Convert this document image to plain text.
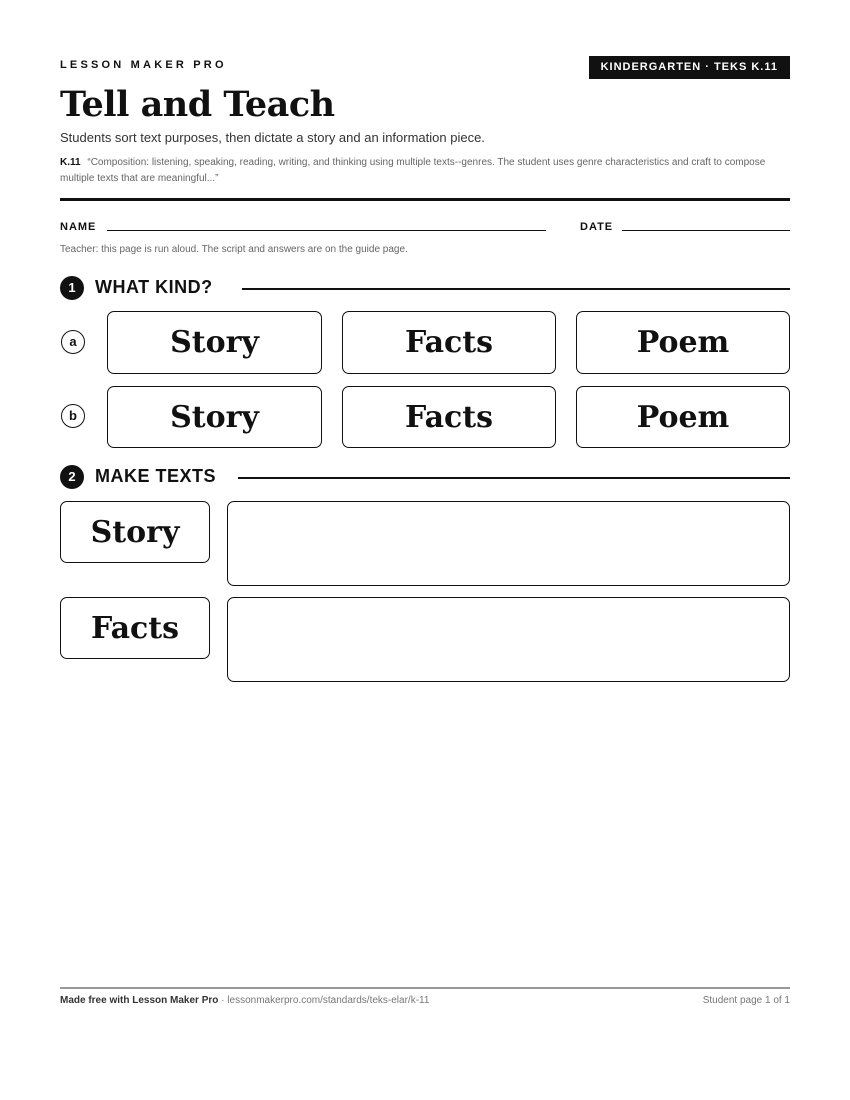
LESSON MAKER PRO	KINDERGARTEN · TEKS K.11
Tell and Teach
Students sort text purposes, then dictate a story and an information piece.
K.11 “Composition: listening, speaking, reading, writing, and thinking using multiple texts--genres. The student uses genre characteristics and craft to compose multiple texts that are meaningful...”
NAME	DATE
Teacher: this page is run aloud. The script and answers are on the guide page.
1	WHAT KIND?
a	Story	Facts	Poem
b	Story	Facts	Poem
2	MAKE TEXTS
Story
Facts
Made free with Lesson Maker Pro · lessonmakerpro.com/standards/teks-elar/k-11	Student page 1 of 1
